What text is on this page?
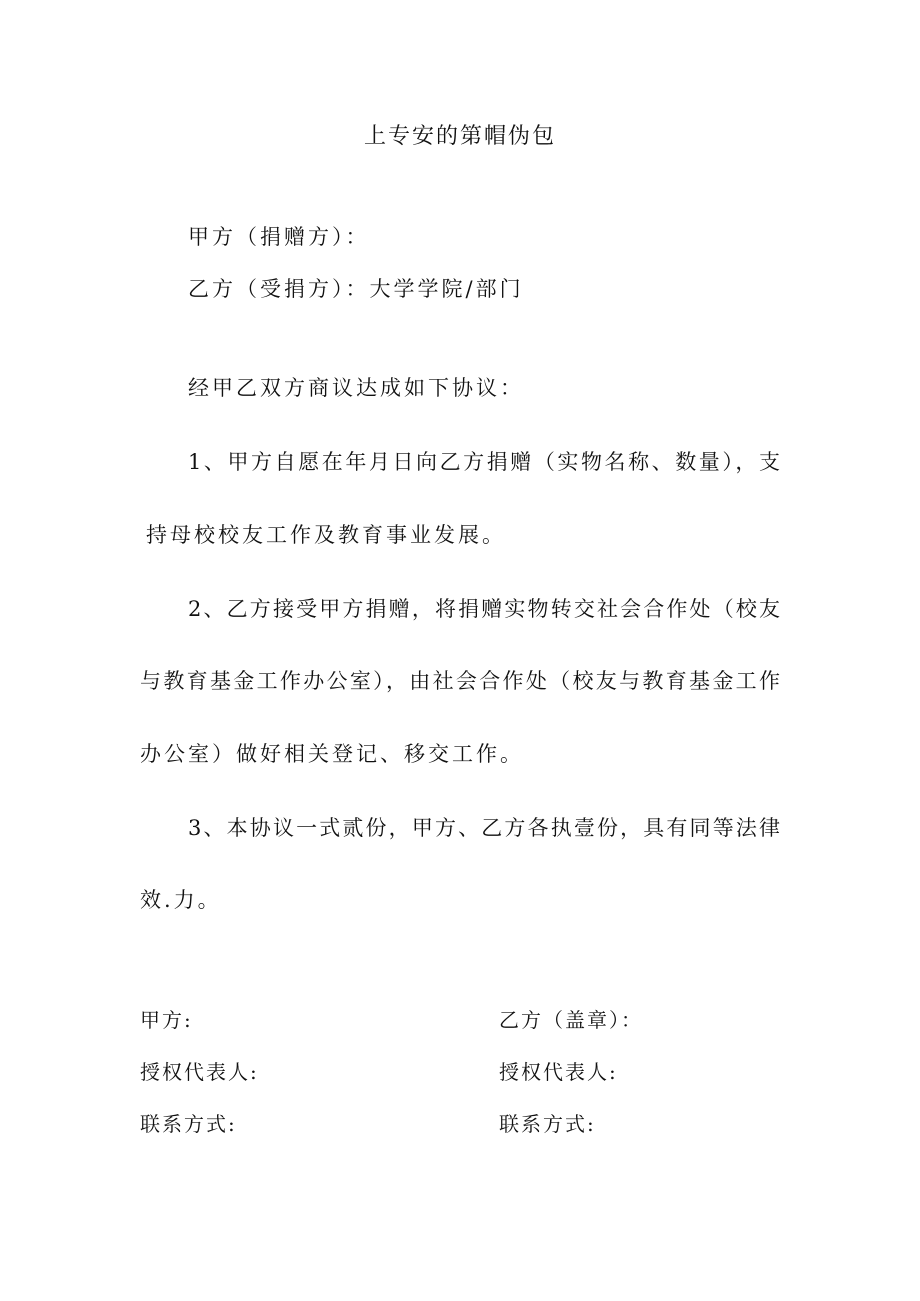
上专安的第帽伪包
甲方（捐赠方）：
乙方（受捐方）：大学学院/部门
经甲乙双方商议达成如下协议：
1、甲方自愿在年月日向乙方捐赠（实物名称、数量），支
持母校校友工作及教育事业发展。
2、乙方接受甲方捐赠，将捐赠实物转交社会合作处（校友
与教育基金工作办公室），由社会合作处（校友与教育基金工作
办公室）做好相关登记、移交工作。
3、本协议一式贰份，甲方、乙方各执壹份，具有同等法律
效.力。
甲方:
授权代表人:
联系方式:
乙方（盖章）：
授权代表人:
联系方式:
